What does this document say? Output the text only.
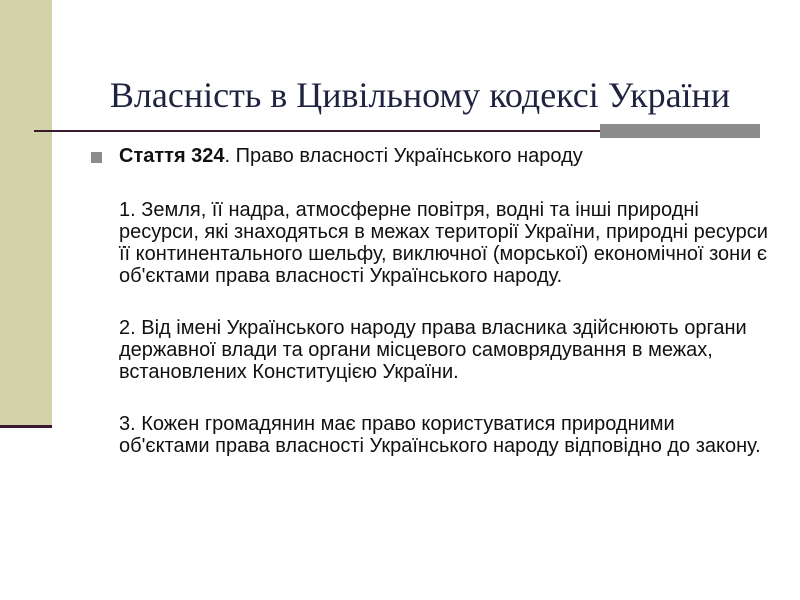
Власність в Цивільному кодексі України
Стаття 324. Право власності Українського народу
1. Земля, її надра, атмосферне повітря, водні та інші природні ресурси, які знаходяться в межах території України, природні ресурси її континентального шельфу, виключної (морської) економічної зони є об'єктами права власності Українського народу.
2. Від імені Українського народу права власника здійснюють органи державної влади та органи місцевого самоврядування в межах, встановлених Конституцією України.
3. Кожен громадянин має право користуватися природними об'єктами права власності Українського народу відповідно до закону.
